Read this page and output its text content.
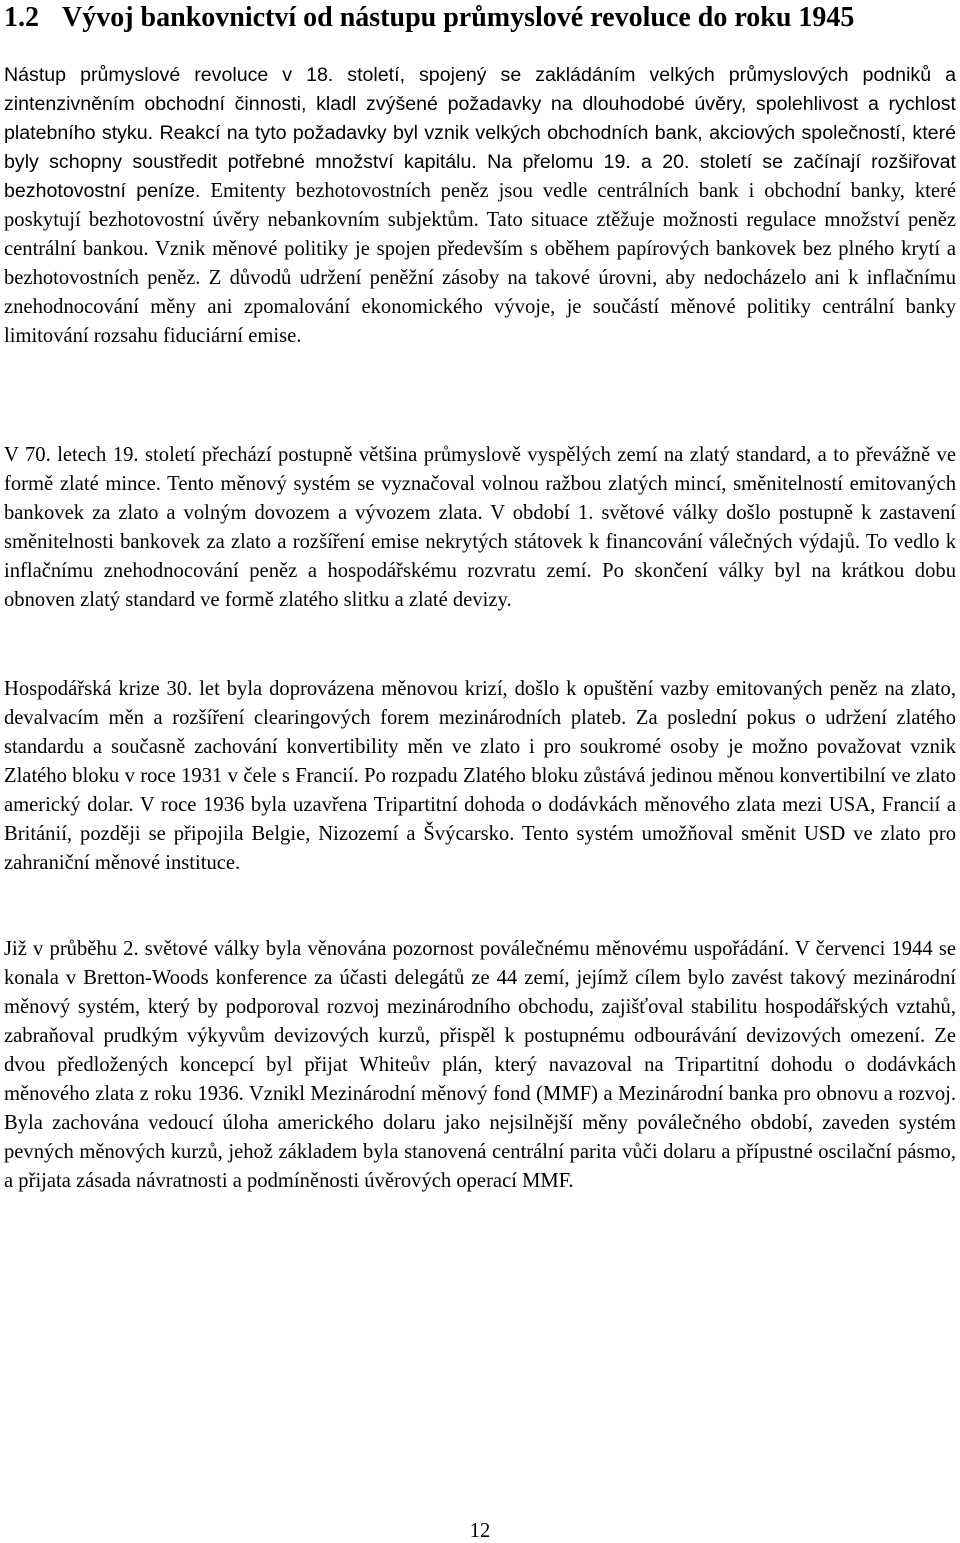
1.2 Vývoj bankovnictví od nástupu průmyslové revoluce do roku 1945

Nástup průmyslové revoluce v 18. století, spojený se zakládáním velkých průmyslových podniků a zintenzivněním obchodní činnosti, kladl zvýšené požadavky na dlouhodobé úvěry, spolehlivost a rychlost platebního styku. Reakcí na tyto požadavky byl vznik velkých obchodních bank, akciových společností, které byly schopny soustředit potřebné množství kapitálu. Na přelomu 19. a 20. století se začínají rozšiřovat bezhotovostní peníze. Emitenty bezhotovostních peněz jsou vedle centrálních bank i obchodní banky, které poskytují bezhotovostní úvěry nebankovním subjektům. Tato situace ztěžuje možnosti regulace množství peněz centrální bankou. Vznik měnové politiky je spojen především s oběhem papírových bankovek bez plného krytí a bezhotovostních peněz. Z důvodů udržení peněžní zásoby na takové úrovni, aby nedocházelo ani k inflačnímu znehodnocování měny ani zpomalování ekonomického vývoje, je součástí měnové politiky centrální banky limitování rozsahu fiduciární emise.

V 70. letech 19. století přechází postupně většina průmyslově vyspělých zemí na zlatý standard, a to převážně ve formě zlaté mince. Tento měnový systém se vyznačoval volnou ražbou zlatých mincí, směnitelností emitovaných bankovek za zlato a volným dovozem a vývozem zlata. V období 1. světové války došlo postupně k zastavení směnitelnosti bankovek za zlato a rozšíření emise nekrytých státovek k financování válečných výdajů. To vedlo k inflačnímu znehodnocování peněz a hospodářskému rozvratu zemí. Po skončení války byl na krátkou dobu obnoven zlatý standard ve formě zlatého slitku a zlaté devizy.

Hospodářská krize 30. let byla doprovázena měnovou krizí, došlo k opuštění vazby emitovaných peněz na zlato, devalvacím měn a rozšíření clearingových forem mezinárodních plateb. Za poslední pokus o udržení zlatého standardu a současně zachování konvertibility měn ve zlato i pro soukromé osoby je možno považovat vznik Zlatého bloku v roce 1931 v čele s Francií. Po rozpadu Zlatého bloku zůstává jedinou měnou konvertibilní ve zlato americký dolar. V roce 1936 byla uzavřena Tripartitní dohoda o dodávkách měnového zlata mezi USA, Francií a Británií, později se připojila Belgie, Nizozemí a Švýcarsko. Tento systém umožňoval směnit USD ve zlato pro zahraniční měnové instituce.

Již v průběhu 2. světové války byla věnována pozornost poválečnému měnovému uspořádání. V červenci 1944 se konala v Bretton-Woods konference za účasti delegátů ze 44 zemí, jejímž cílem bylo zavést takový mezinárodní měnový systém, který by podporoval rozvoj mezinárodního obchodu, zajišťoval stabilitu hospodářských vztahů, zabraňoval prudkým výkyvům devizových kurzů, přispěl k postupnému odbourávání devizových omezení. Ze dvou předložených koncepcí byl přijat Whiteův plán, který navazoval na Tripartitní dohodu o dodávkách měnového zlata z roku 1936. Vznikl Mezinárodní měnový fond (MMF) a Mezinárodní banka pro obnovu a rozvoj. Byla zachována vedoucí úloha amerického dolaru jako nejsilnější měny poválečného období, zaveden systém pevných měnových kurzů, jehož základem byla stanovená centrální parita vůči dolaru a přípustné oscilační pásmo, a přijata zásada návratnosti a podmíněnosti úvěrových operací MMF.

12
